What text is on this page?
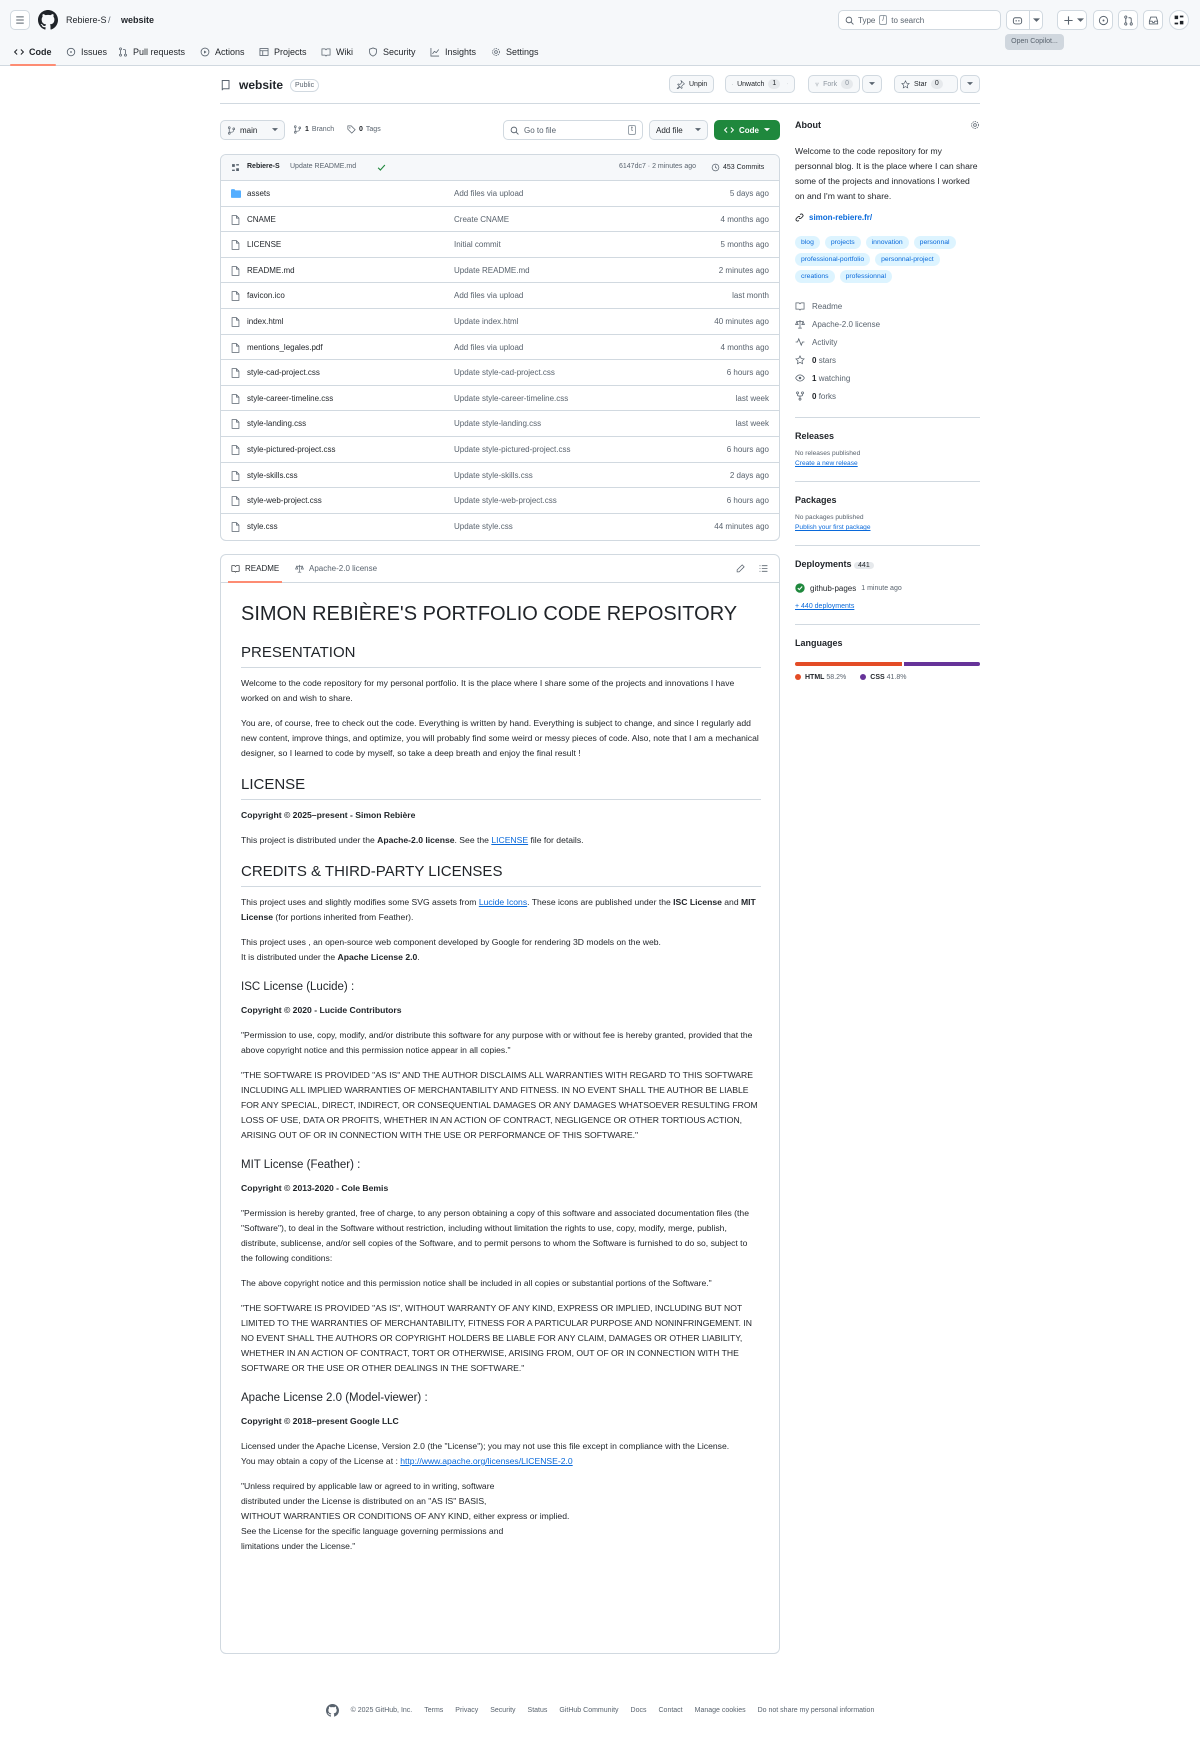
Rebiere-S / website	Type	/ to search
Open Copilot...
Code	Issues	Pull requests	Actions	Projects	Wiki	Security	Insights	Settings
website	Public	Unpin	Unwatch	1	Fork	0	Star	0
main	1 Branch	0 Tags	Go to file	t	Add file	Code
Rebiere-S Update README.md	6147dc7 · 2 minutes ago	453 Commits
assets	Add files via upload	5 days ago
CNAME	Create CNAME	4 months ago
LICENSE	Initial commit	5 months ago
README.md	Update README.md	2 minutes ago
favicon.ico	Add files via upload	last month
index.html	Update index.html	40 minutes ago
mentions_legales.pdf	Add files via upload	4 months ago
style-cad-project.css	Update style-cad-project.css	6 hours ago
style-career-timeline.css	Update style-career-timeline.css	last week
style-landing.css	Update style-landing.css	last week
style-pictured-project.css	Update style-pictured-project.css	6 hours ago
style-skills.css	Update style-skills.css	2 days ago
style-web-project.css	Update style-web-project.css	6 hours ago
style.css	Update style.css	44 minutes ago
README	Apache-2.0 license
SIMON REBIÈRE'S PORTFOLIO CODE REPOSITORY
PRESENTATION

Welcome to the code repository for my personal portfolio. It is the place where I share some of the projects and innovations I have worked on and wish to share.

You are, of course, free to check out the code. Everything is written by hand. Everything is subject to change, and since I regularly add new content, improve things, and optimize, you will probably find some weird or messy pieces of code. Also, note that I am a mechanical designer, so I learned to code by myself, so take a deep breath and enjoy the final result !

LICENSE

Copyright © 2025–present - Simon Rebière

This project is distributed under the Apache-2.0 license. See the LICENSE file for details.

CREDITS & THIRD-PARTY LICENSES

This project uses and slightly modifies some SVG assets from Lucide Icons. These icons are published under the ISC License and MIT License (for portions inherited from Feather).

This project uses , an open-source web component developed by Google for rendering 3D models on the web.
It is distributed under the Apache License 2.0.

ISC License (Lucide) :

Copyright © 2020 - Lucide Contributors

"Permission to use, copy, modify, and/or distribute this software for any purpose with or without fee is hereby granted, provided that the above copyright notice and this permission notice appear in all copies."

"THE SOFTWARE IS PROVIDED "AS IS" AND THE AUTHOR DISCLAIMS ALL WARRANTIES WITH REGARD TO THIS SOFTWARE INCLUDING ALL IMPLIED WARRANTIES OF MERCHANTABILITY AND FITNESS. IN NO EVENT SHALL THE AUTHOR BE LIABLE FOR ANY SPECIAL, DIRECT, INDIRECT, OR CONSEQUENTIAL DAMAGES OR ANY DAMAGES WHATSOEVER RESULTING FROM LOSS OF USE, DATA OR PROFITS, WHETHER IN AN ACTION OF CONTRACT, NEGLIGENCE OR OTHER TORTIOUS ACTION, ARISING OUT OF OR IN CONNECTION WITH THE USE OR PERFORMANCE OF THIS SOFTWARE."

MIT License (Feather) :

Copyright © 2013-2020 - Cole Bemis

"Permission is hereby granted, free of charge, to any person obtaining a copy of this software and associated documentation files (the "Software"), to deal in the Software without restriction, including without limitation the rights to use, copy, modify, merge, publish, distribute, sublicense, and/or sell copies of the Software, and to permit persons to whom the Software is furnished to do so, subject to the following conditions:

The above copyright notice and this permission notice shall be included in all copies or substantial portions of the Software."

"THE SOFTWARE IS PROVIDED "AS IS", WITHOUT WARRANTY OF ANY KIND, EXPRESS OR IMPLIED, INCLUDING BUT NOT LIMITED TO THE WARRANTIES OF MERCHANTABILITY, FITNESS FOR A PARTICULAR PURPOSE AND NONINFRINGEMENT. IN NO EVENT SHALL THE AUTHORS OR COPYRIGHT HOLDERS BE LIABLE FOR ANY CLAIM, DAMAGES OR OTHER LIABILITY, WHETHER IN AN ACTION OF CONTRACT, TORT OR OTHERWISE, ARISING FROM, OUT OF OR IN CONNECTION WITH THE SOFTWARE OR THE USE OR OTHER DEALINGS IN THE SOFTWARE."

Apache License 2.0 (Model-viewer) :

Copyright © 2018–present Google LLC

Licensed under the Apache License, Version 2.0 (the "License"); you may not use this file except in compliance with the License.
You may obtain a copy of the License at : http://www.apache.org/licenses/LICENSE-2.0

"Unless required by applicable law or agreed to in writing, software
distributed under the License is distributed on an "AS IS" BASIS,
WITHOUT WARRANTIES OR CONDITIONS OF ANY KIND, either express or implied.
See the License for the specific language governing permissions and
limitations under the License."

About
Welcome to the code repository for my personnal blog. It is the place where I can share some of the projects and innovations I worked on and I'm want to share.
simon-rebiere.fr/
blog	projects	innovation	personnal
professional-portfolio	personnal-project
creations	professionnal
Readme
Apache-2.0 license
Activity
0 stars
1 watching
0 forks
Releases
No releases published
Create a new release
Packages
No packages published
Publish your first package
Deployments 441
github-pages 1 minute ago
+ 440 deployments
Languages
HTML 58.2%	CSS 41.8%
© 2025 GitHub, Inc. Terms Privacy Security Status GitHub Community Docs Contact Manage cookies Do not share my personal information
